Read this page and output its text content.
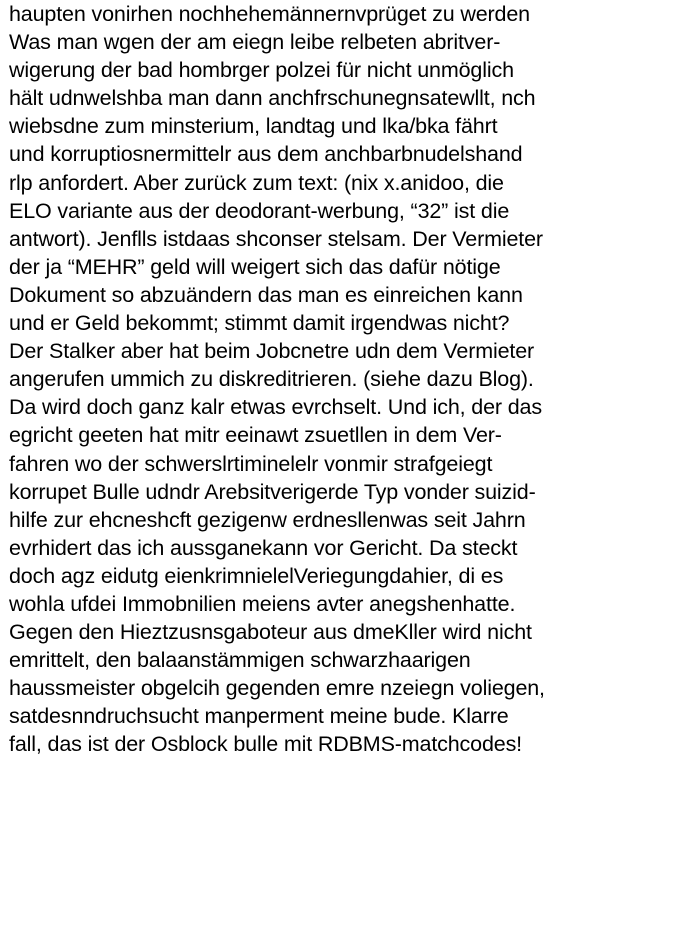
haupten vonirhen nochhehemännernvprüget zu werden
Was man wgen der am eiegn leibe relbeten abritver-
wigerung der bad hombrger polzei für nicht unmöglich
hält udnwelshba man dann anchfrschunegnsatewllt, nch
wiebsdne zum minsterium, landtag und lka/bka fährt
und korruptiosnermittelr aus dem anchbarbnudelshand
rlp anfordert. Aber zurück zum text: (nix x.anidoo, die
ELO variante aus der deodorant-werbung, “32” ist die
antwort). Jenflls istdaas shconser stelsam. Der Vermieter
der ja “MEHR” geld will weigert sich das dafür nötige
Dokument so abzuändern das man es einreichen kann
und er Geld bekommt; stimmt damit irgendwas nicht?
Der Stalker aber hat beim Jobcnetre udn dem Vermieter
angerufen ummich zu diskreditrieren. (siehe dazu Blog).
Da wird doch ganz kalr etwas evrchselt. Und ich, der das
egricht geeten hat mitr eeinawt zsuetllen in dem Ver-
fahren wo der schwerslrtiminelelr vonmir strafgeiegt
korrupet Bulle udndr Arebsitverigerde Typ vonder suizid-
hilfe zur ehcneshcft gezigenw erdnesllenwas seit Jahrn
evrhidert das ich aussganekann vor Gericht. Da steckt
doch agz eidutg eienkrimnielelVeriegungdahier, di es
wohla ufdei Immobnilien meiens avter anegshenhatte.
Gegen den Hieztzusnsgaboteur aus dmeKller wird nicht
emrittelt, den balaanstämmigen schwarzhaarigen
haussmeister obgelcih gegenden emre nzeiegn voliegen,
satdesnndruchsucht manperment meine bude. Klarre
fall, das ist der Osblock bulle mit RDBMS-matchcodes!
